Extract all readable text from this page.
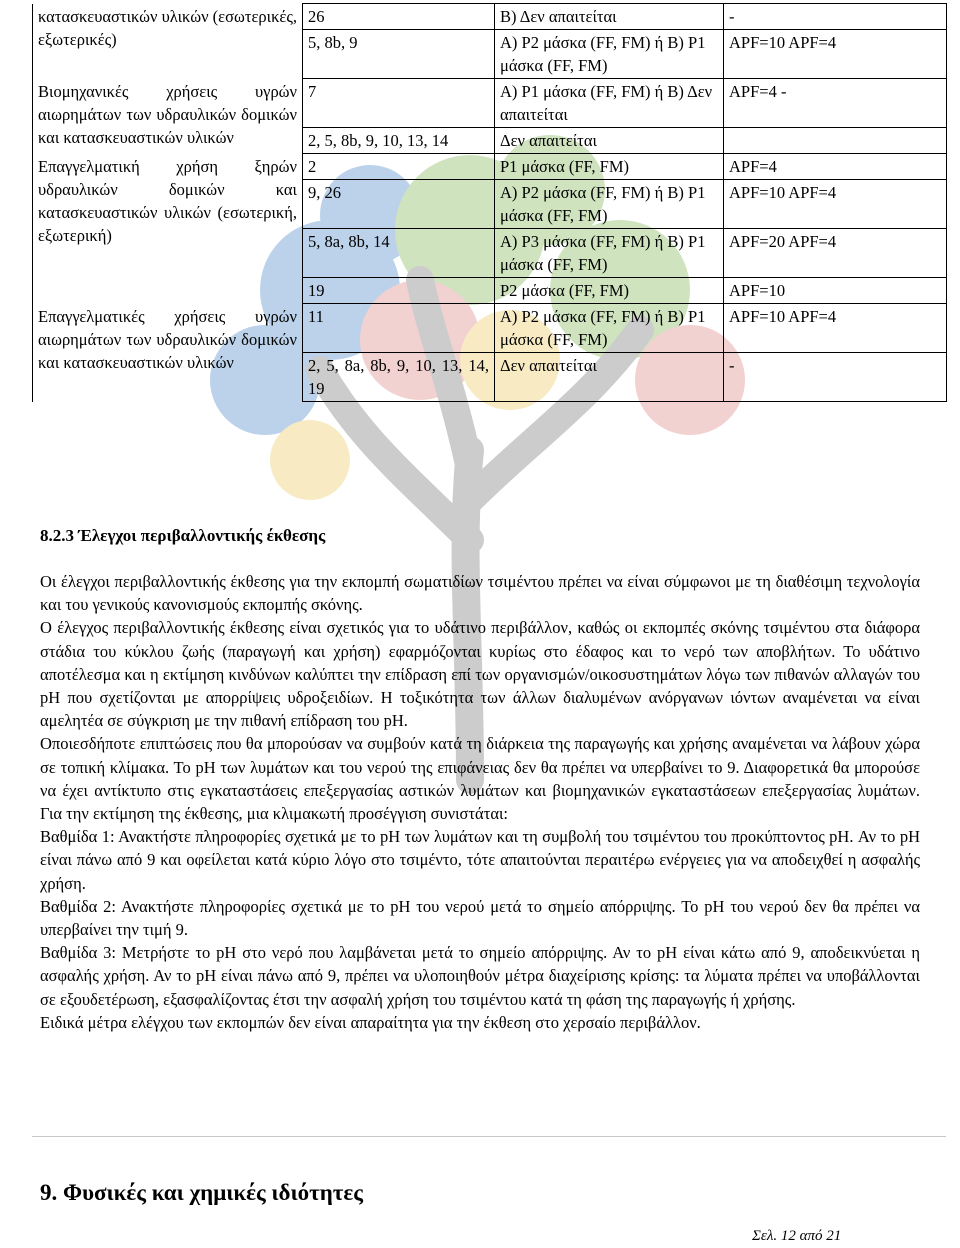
κατασκευαστικών υλικών (εσωτερικές, εξωτερικές)	26	Β) Δεν απαιτείται	-
	5, 8b, 9	Α) Ρ2 μάσκα (FF, FM) ή Β) Ρ1 μάσκα (FF, FM)	APF=10 APF=4
Βιομηχανικές χρήσεις υγρών αιωρημάτων των υδραυλικών δομικών και κατασκευαστικών υλικών	7	Α) Ρ1 μάσκα (FF, FM) ή Β) Δεν απαιτείται	APF=4 -
	2, 5, 8b, 9, 10, 13, 14	Δεν απαιτείται	
Επαγγελματική χρήση ξηρών υδραυλικών δομικών και κατασκευαστικών υλικών (εσωτερική, εξωτερική)	2	Ρ1 μάσκα (FF, FM)	APF=4
	9, 26	Α) Ρ2 μάσκα (FF, FM) ή Β) Ρ1 μάσκα (FF, FM)	APF=10 APF=4
	5, 8a, 8b, 14	Α) Ρ3 μάσκα (FF, FM) ή Β) Ρ1 μάσκα (FF, FM)	APF=20 APF=4
	19	Ρ2 μάσκα (FF, FM)	APF=10
Επαγγελματικές χρήσεις υγρών αιωρημάτων των υδραυλικών δομικών και κατασκευαστικών υλικών	11	Α) Ρ2 μάσκα (FF, FM) ή Β) Ρ1 μάσκα (FF, FM)	APF=10 APF=4
	2, 5, 8a, 8b, 9, 10, 13, 14, 19	Δεν απαιτείται	-
8.2.3 Έλεγχοι περιβαλλοντικής έκθεσης

Οι έλεγχοι περιβαλλοντικής έκθεσης για την εκπομπή σωματιδίων τσιμέντου πρέπει να είναι σύμφωνοι με τη διαθέσιμη τεχνολογία και του γενικούς κανονισμούς εκπομπής σκόνης.

Ο έλεγχος περιβαλλοντικής έκθεσης είναι σχετικός για το υδάτινο περιβάλλον, καθώς οι εκπομπές σκόνης τσιμέντου στα διάφορα στάδια του κύκλου ζωής (παραγωγή και χρήση) εφαρμόζονται κυρίως στο έδαφος και το νερό των αποβλήτων. Το υδάτινο αποτέλεσμα και η εκτίμηση κινδύνων καλύπτει την επίδραση επί των οργανισμών/οικοσυστημάτων λόγω των πιθανών αλλαγών του pH που σχετίζονται με απορρίψεις υδροξειδίων. Η τοξικότητα των άλλων διαλυμένων ανόργανων ιόντων αναμένεται να είναι αμελητέα σε σύγκριση με την πιθανή επίδραση του pH.

Οποιεσδήποτε επιπτώσεις που θα μπορούσαν να συμβούν κατά τη διάρκεια της παραγωγής και χρήσης αναμένεται να λάβουν χώρα σε τοπική κλίμακα. Το pH των λυμάτων και του νερού της επιφάνειας δεν θα πρέπει να υπερβαίνει το 9. Διαφορετικά θα μπορούσε να έχει αντίκτυπο στις εγκαταστάσεις επεξεργασίας αστικών λυμάτων και βιομηχανικών εγκαταστάσεων επεξεργασίας λυμάτων. Για την εκτίμηση της έκθεσης, μια κλιμακωτή προσέγγιση συνιστάται:

Βαθμίδα 1: Ανακτήστε πληροφορίες σχετικά με το pH των λυμάτων και τη συμβολή του τσιμέντου του προκύπτοντος pH. Αν το pH είναι πάνω από 9 και οφείλεται κατά κύριο λόγο στο τσιμέντο, τότε απαιτούνται περαιτέρω ενέργειες για να αποδειχθεί η ασφαλής χρήση.

Βαθμίδα 2: Ανακτήστε πληροφορίες σχετικά με το pH του νερού μετά το σημείο απόρριψης. Το pH του νερού δεν θα πρέπει να υπερβαίνει την τιμή 9.

Βαθμίδα 3: Μετρήστε το pH στο νερό που λαμβάνεται μετά το σημείο απόρριψης. Αν το pH είναι κάτω από 9, αποδεικνύεται η ασφαλής χρήση. Αν το pH είναι πάνω από 9, πρέπει να υλοποιηθούν μέτρα διαχείρισης κρίσης: τα λύματα πρέπει να υποβάλλονται σε εξουδετέρωση, εξασφαλίζοντας έτσι την ασφαλή χρήση του τσιμέντου κατά τη φάση της παραγωγής ή χρήσης.

Ειδικά μέτρα ελέγχου των εκπομπών δεν είναι απαραίτητα για την έκθεση στο χερσαίο περιβάλλον.

9. Φυσικές και χημικές ιδιότητες
Σελ. 12 από 21
